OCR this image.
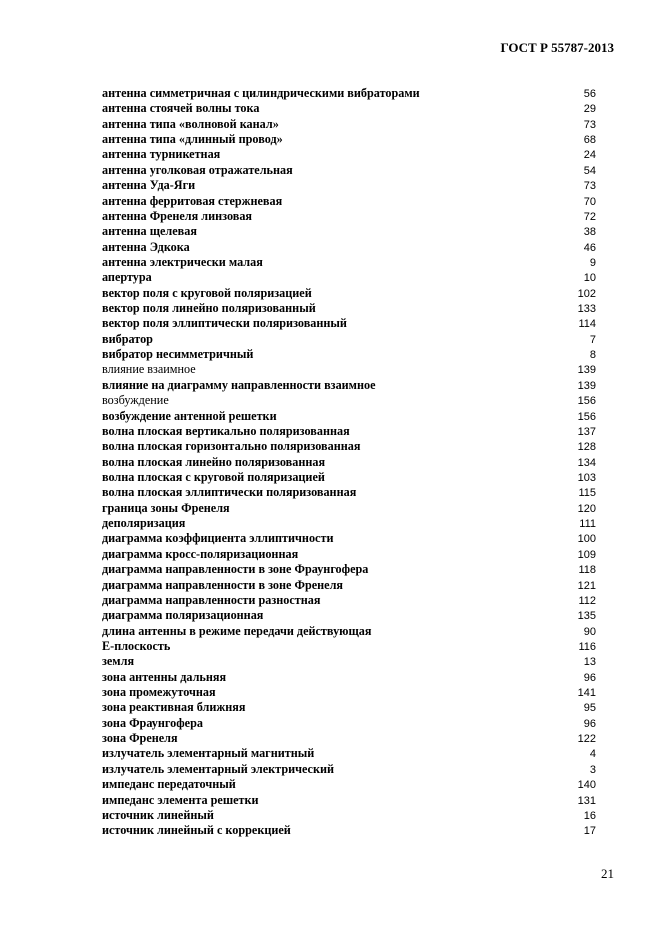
ГОСТ Р 55787-2013
антенна симметричная с цилиндрическими вибраторами	56
антенна стоячей волны тока	29
антенна типа «волновой канал»	73
антенна типа «длинный провод»	68
антенна турникетная	24
антенна уголковая отражательная	54
антенна Уда-Яги	73
антенна ферритовая стержневая	70
антенна Френеля линзовая	72
антенна щелевая	38
антенна Эдкока	46
антенна электрически малая	9
апертура	10
вектор поля с круговой поляризацией	102
вектор поля линейно поляризованный	133
вектор поля эллиптически поляризованный	114
вибратор	7
вибратор несимметричный	8
влияние взаимное	139
влияние на диаграмму направленности взаимное	139
возбуждение	156
возбуждение антенной решетки	156
волна плоская вертикально поляризованная	137
волна плоская горизонтально поляризованная	128
волна плоская линейно поляризованная	134
волна плоская с круговой поляризацией	103
волна плоская эллиптически поляризованная	115
граница зоны Френеля	120
деполяризация	111
диаграмма коэффициента эллиптичности	100
диаграмма кросс-поляризационная	109
диаграмма направленности в зоне Фраунгофера	118
диаграмма направленности в зоне Френеля	121
диаграмма направленности разностная	112
диаграмма поляризационная	135
длина антенны в режиме передачи действующая	90
Е-плоскость	116
земля	13
зона антенны дальняя	96
зона промежуточная	141
зона реактивная ближняя	95
зона Фраунгофера	96
зона Френеля	122
излучатель элементарный магнитный	4
излучатель элементарный электрический	3
импеданс передаточный	140
импеданс элемента решетки	131
источник линейный	16
источник линейный с коррекцией	17
21
